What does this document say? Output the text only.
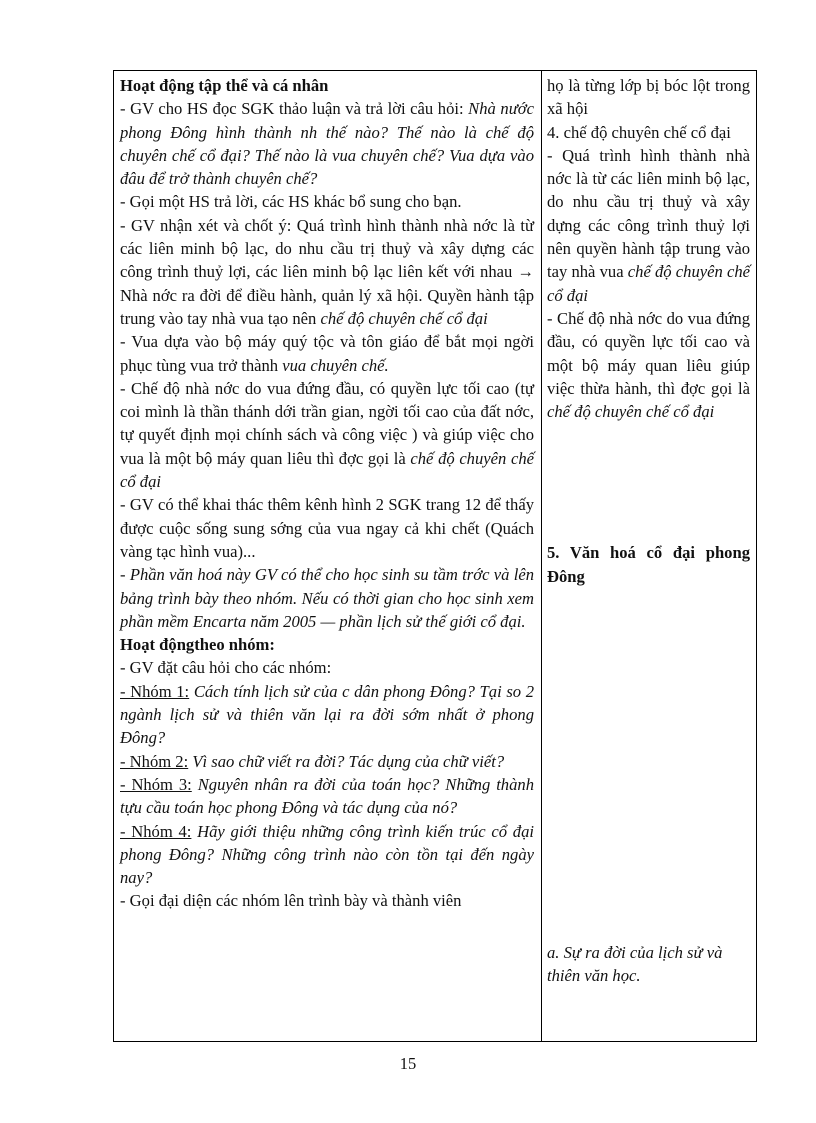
Hoạt động tập thể và cá nhân

- GV cho HS đọc SGK thảo luận và trả lời câu hỏi: Nhà nước phong Đông hình thành nh thế nào? Thế nào là chế độ chuyên chế cổ đại? Thế nào là vua chuyên chế? Vua dựa vào đâu để trở thành chuyên chế?

- Gọi một HS trả lời, các HS khác bổ sung cho bạn.

- GV nhận xét và chốt ý: Quá trình hình thành nhà nớc là từ các liên minh bộ lạc, do nhu cầu trị thuỷ và xây dựng các công trình thuỷ lợi, các liên minh bộ lạc liên kết với nhau → Nhà nớc ra đời để điều hành, quản lý xã hội. Quyền hành tập trung vào tay nhà vua tạo nên chế độ chuyên chế cổ đại

- Vua dựa vào bộ máy quý tộc và tôn giáo để bắt mọi ngời phục tùng vua trở thành vua chuyên chế.

- Chế độ nhà nớc do vua đứng đầu, có quyền lực tối cao (tự coi mình là thần thánh dới trần gian, ngời tối cao của đất nớc, tự quyết định mọi chính sách và công việc ) và giúp việc cho vua là một bộ máy quan liêu thì đợc gọi là chế độ chuyên chế cổ đại

- GV có thể khai thác thêm kênh hình 2 SGK trang 12 để thấy được cuộc sống sung sớng của vua ngay cả khi chết (Quách vàng tạc hình vua)...

- Phần văn hoá này GV có thể cho học sinh su tầm trớc và lên bảng trình bày theo nhóm. Nếu có thời gian cho học sinh xem phần mềm Encarta năm 2005 — phần lịch sử thế giới cổ đại.

Hoạt độngtheo nhóm:

- GV đặt câu hỏi cho các nhóm:

- Nhóm 1: Cách tính lịch sử của c dân phong Đông? Tại so 2 ngành lịch sử và thiên văn lại ra đời sớm nhất ở phong Đông?

- Nhóm 2: Vì sao chữ viết ra đời? Tác dụng của chữ viết?

- Nhóm 3: Nguyên nhân ra đời của toán học? Những thành tựu cầu toán học phong Đông và tác dụng của nó?

- Nhóm 4: Hãy giới thiệu những công trình kiến trúc cổ đại phong Đông? Những công trình nào còn tồn tại đến ngày nay?

- Gọi đại diện các nhóm lên trình bày và thành viên

họ là từng lớp bị bóc lột trong xã hội

4. chế độ chuyên chế cổ đại

- Quá trình hình thành nhà nớc là từ các liên minh bộ lạc, do nhu cầu trị thuỷ và xây dựng các công trình thuỷ lợi nên quyền hành tập trung vào tay nhà vua chế độ chuyên chế cổ đại

- Chế độ nhà nớc do vua đứng đầu, có quyền lực tối cao và một bộ máy quan liêu giúp việc thừa hành, thì đợc gọi là chế độ chuyên chế cổ đại

5. Văn hoá cổ đại phong Đông

a. Sự ra đời của lịch sử và thiên văn học.

15
